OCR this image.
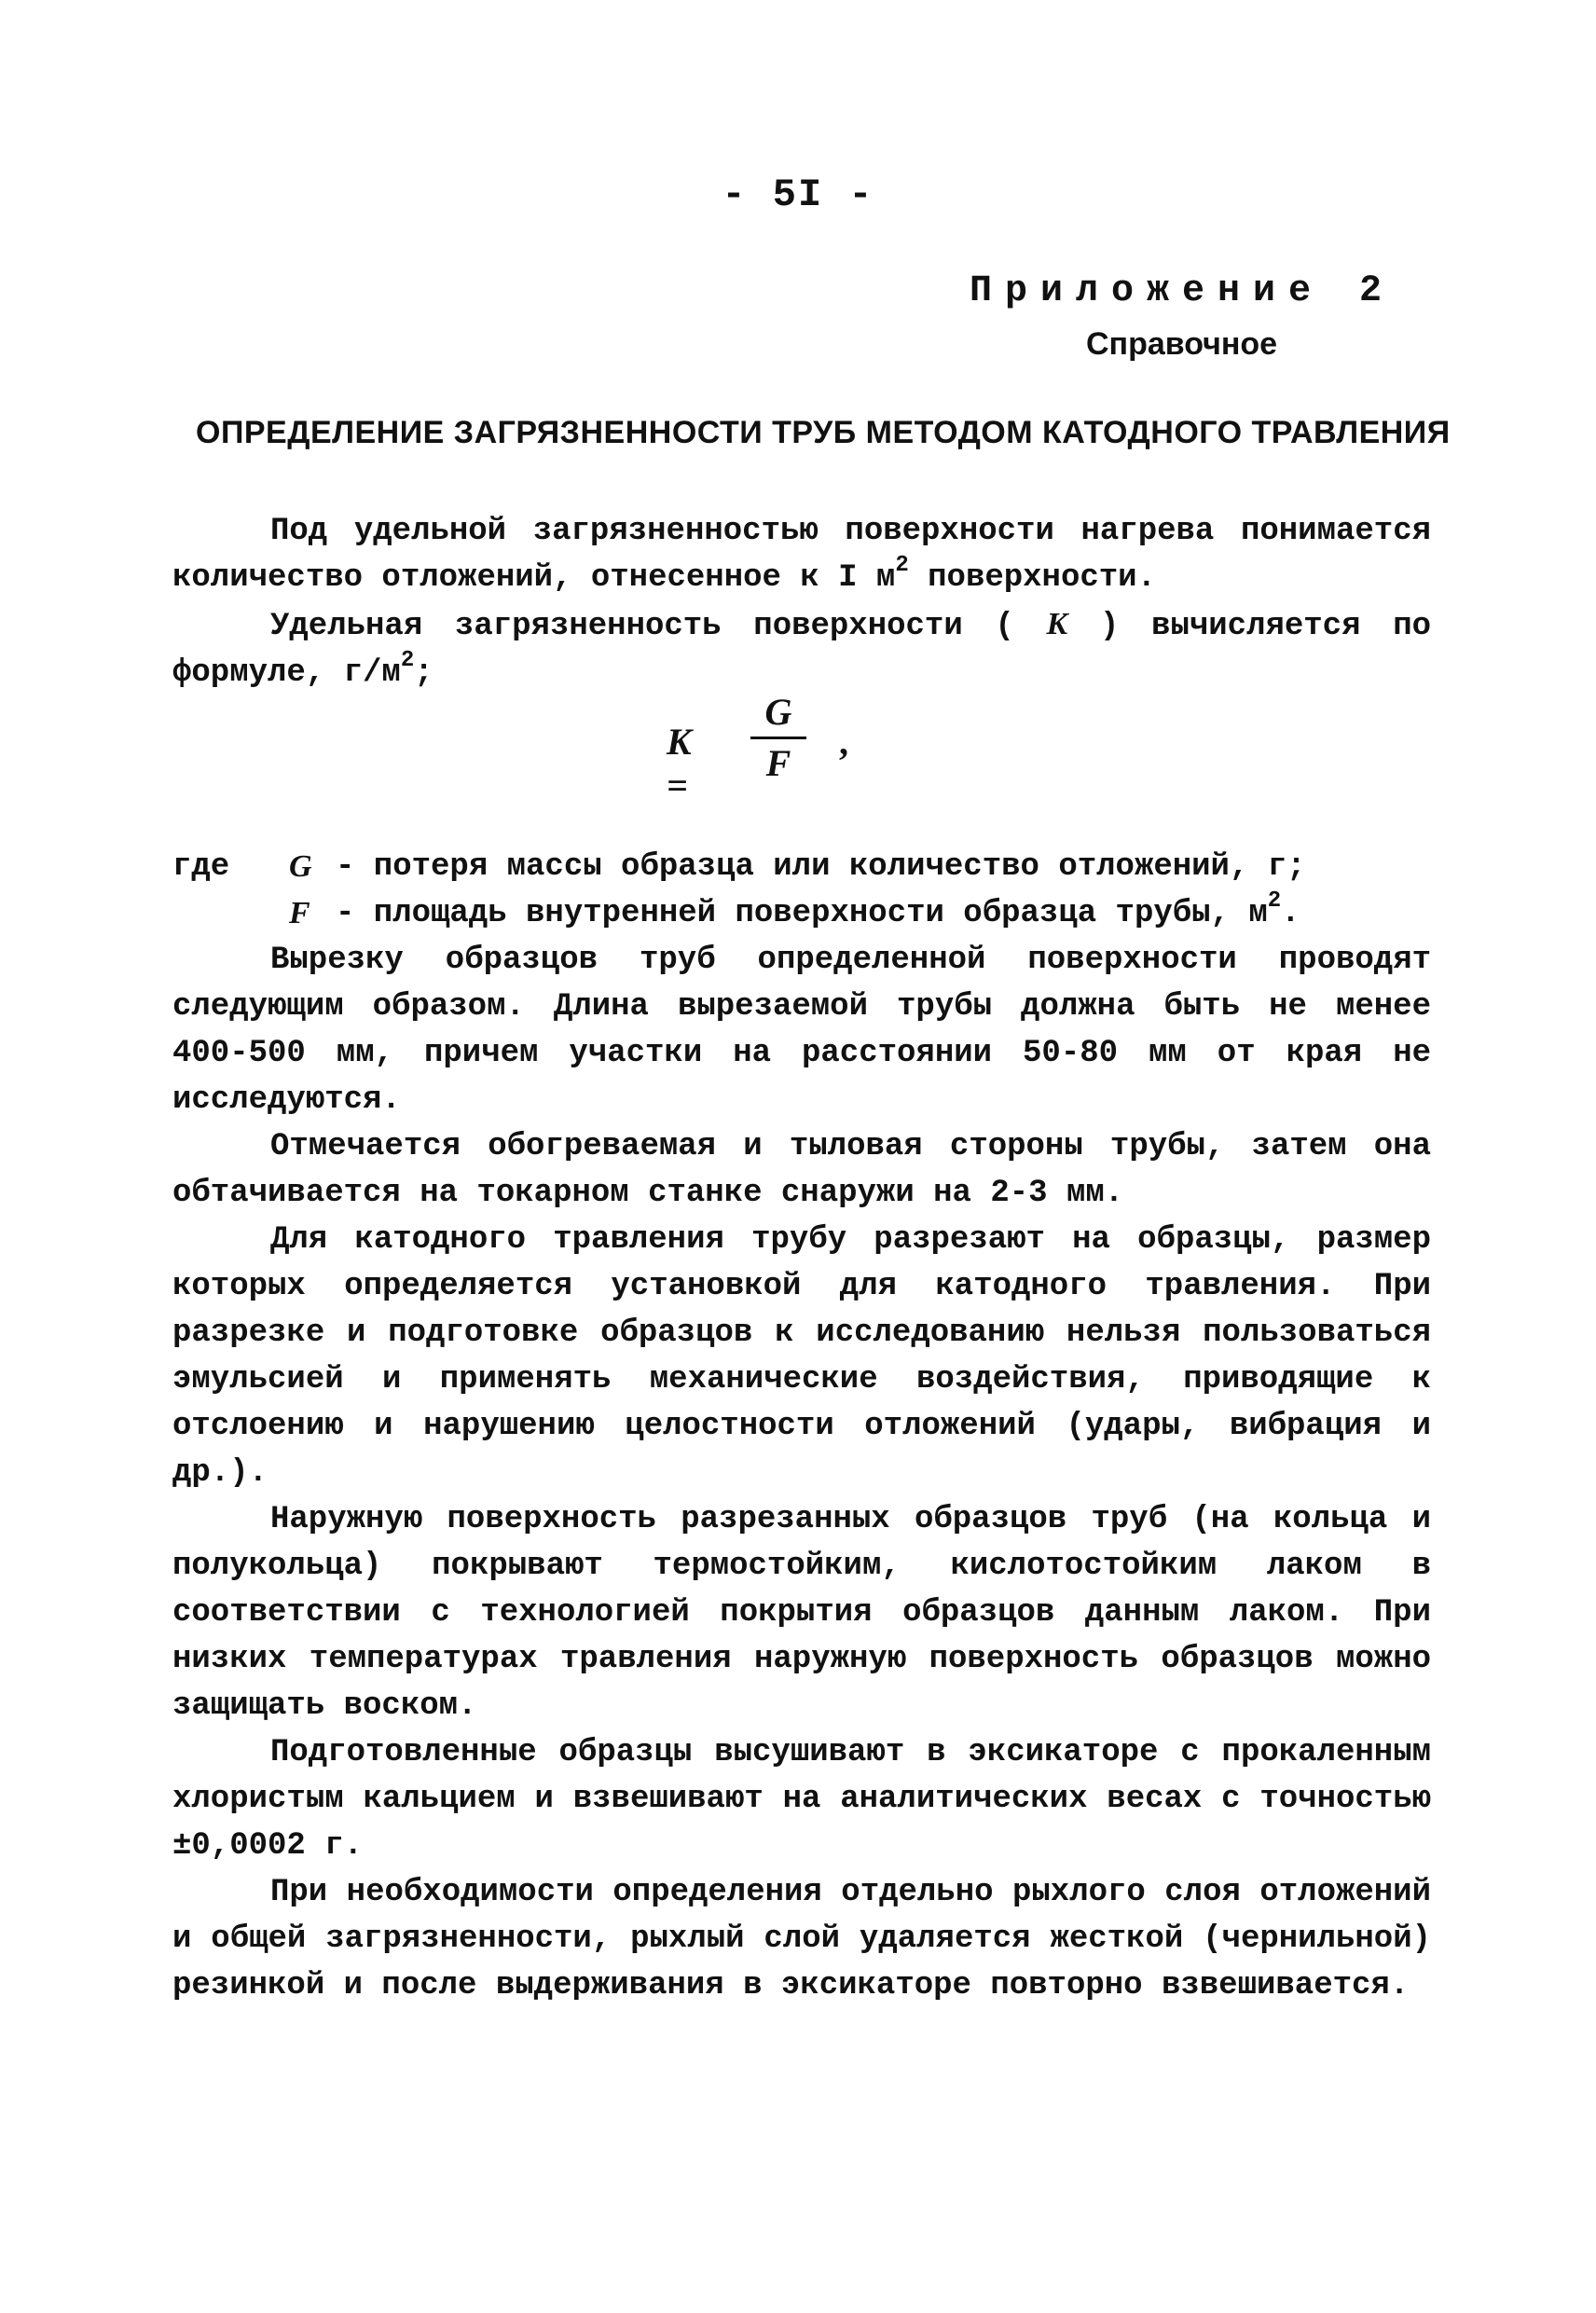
- 5I -
Приложение 2
Справочное
ОПРЕДЕЛЕНИЕ ЗАГРЯЗНЕННОСТИ ТРУБ МЕТОДОМ КАТОДНОГО ТРАВЛЕНИЯ

Под удельной загрязненностью поверхности нагрева понимается количество отложений, отнесенное к I $м^2$ поверхности.

Удельная загрязненность поверхности ( K ) вычисляется по формуле, $г/м^2$;

K =
G
F
,
где	G - потеря массы образца или количество отложений, г;
F - площадь внутренней поверхности образца трубы, $м^2$.

Вырезку образцов труб определенной поверхности проводят следующим образом. Длина вырезаемой трубы должна быть не менее 400-500 мм, причем участки на расстоянии 50-80 мм от края не исследуются.

Отмечается обогреваемая и тыловая стороны трубы, затем она обтачивается на токарном станке снаружи на 2-3 мм.

Для катодного травления трубу разрезают на образцы, размер которых определяется установкой для катодного травления. При разрезке и подготовке образцов к исследованию нельзя пользоваться эмульсией и применять механические воздействия, приводящие к отслоению и нарушению целостности отложений (удары, вибрация и др.).

Наружную поверхность разрезанных образцов труб (на кольца и полукольца) покрывают термостойким, кислотостойким лаком в соответствии с технологией покрытия образцов данным лаком. При низких температурах травления наружную поверхность образцов можно защищать воском.

Подготовленные образцы высушивают в эксикаторе с прокаленным хлористым кальцием и взвешивают на аналитических весах с точностью ±0,0002 г.

При необходимости определения отдельно рыхлого слоя отложений и общей загрязненности, рыхлый слой удаляется жесткой (чернильной) резинкой и после выдерживания в эксикаторе повторно взвешивается.
